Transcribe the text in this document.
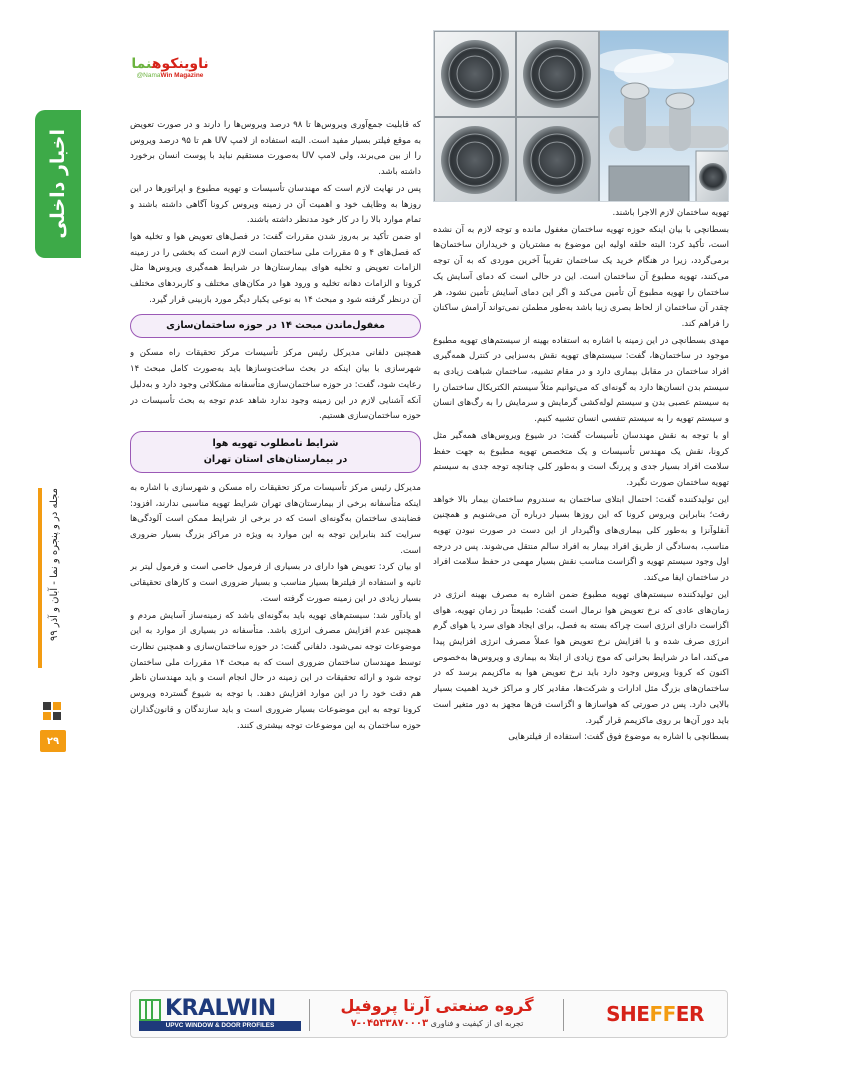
ناوینکوهنما
@NamaWin Magazine
اخبار داخلی
مجله در و پنجره و نما - آبان و آذر ۹۹
۲۹

تهویه ساختمان لازم الاجرا باشند.

بسطانچی با بیان اینکه حوزه تهویه ساختمان مغفول مانده و توجه لازم به آن نشده است، تأکید کرد: البته حلقه اولیه این موضوع به مشتریان و خریداران ساختمان‌ها برمی‌گردد، زیرا در هنگام خرید یک ساختمان تقریباً آخرین موردی که به آن توجه می‌کنند، تهویه مطبوع آن ساختمان است. این در حالی است که دمای آسایش یک ساختمان را تهویه مطبوع آن تأمین می‌کند و اگر این دمای آسایش تأمین نشود، هر چقدر آن ساختمان از لحاظ بصری زیبا باشد به‌طور مطمئن نمی‌تواند آرامش ساکنان را فراهم کند.

مهدی بسطانچی در این زمینه با اشاره به استفاده بهینه از سیستم‌های تهویه مطبوع موجود در ساختمان‌ها، گفت: سیستم‌های تهویه نقش به‌سزایی در کنترل همه‌گیری افراد ساختمان در مقابل بیماری دارد و در مقام تشبیه، ساختمان شباهت زیادی به سیستم بدن انسان‌ها دارد به گونه‌ای که می‌توانیم مثلاً سیستم الکتریکال ساختمان را به سیستم عصبی بدن و سیستم لوله‌کشی گرمایش و سرمایش را به رگ‌های انسان و سیستم تهویه را به سیستم تنفسی انسان تشبیه کنیم.

او با توجه به نقش مهندسان تأسیسات گفت: در شیوع ویروس‌های همه‌گیر مثل کرونا، نقش یک مهندس تأسیسات و یک متخصص تهویه مطبوع به جهت حفظ سلامت افراد بسیار جدی و پررنگ است و به‌طور کلی چنانچه توجه جدی به سیستم تهویه ساختمان صورت نگیرد.

این تولیدکننده گفت: احتمال ابتلای ساختمان به سندروم ساختمان بیمار بالا خواهد رفت؛ بنابراین ویروس کرونا که این روزها بسیار درباره آن می‌شنویم و همچنین آنفلوآنزا و به‌طور کلی بیماری‌های واگیردار از این دست در صورت نبودن تهویه مناسب، به‌سادگی از طریق افراد بیمار به افراد سالم منتقل می‌شوند. پس در درجه اول وجود سیستم تهویه و اگزاست مناسب نقش بسیار مهمی در حفظ سلامت افراد در ساختمان ایفا می‌کند.

این تولیدکننده سیستم‌های تهویه مطبوع ضمن اشاره به مصرف بهینه انرژی در زمان‌های عادی که نرخ تعویض هوا نرمال است گفت: طبیعتاً در زمان تهویه، هوای اگزاست دارای انرژی است چراکه بسته به فصل، برای ایجاد هوای سرد یا هوای گرم انرژی صرف شده و با افزایش نرخ تعویض هوا عملاً مصرف انرژی افزایش پیدا می‌کند، اما در شرایط بحرانی که موج زیادی از ابتلا به بیماری و ویروس‌ها به‌خصوص اکنون که کرونا ویروس وجود دارد باید نرخ تعویض هوا به ماکزیمم برسد که در ساختمان‌های بزرگ مثل ادارات و شرکت‌ها، مقادیر کار و مراکز خرید اهمیت بسیار بالایی دارد. پس در صورتی که هواسازها و اگزاست فن‌ها مجهز به دور متغیر است باید دور آن‌ها بر روی ماکزیمم قرار گیرد.

بسطانچی با اشاره به موضوع فوق گفت: استفاده از فیلترهایی

که قابلیت جمع‌آوری ویروس‌ها تا ۹۸ درصد ویروس‌ها را دارند و در صورت تعویض به موقع فیلتر بسیار مفید است. البته استفاده از لامپ UV هم تا ۹۵ درصد ویروس را از بین می‌برند، ولی لامپ UV به‌صورت مستقیم نباید با پوست انسان برخورد داشته باشد.

پس در نهایت لازم است که مهندسان تأسیسات و تهویه مطبوع و اپراتورها در این روزها به وظایف خود و اهمیت آن در زمینه ویروس کرونا آگاهی داشته باشند و تمام موارد بالا را در کار خود مدنظر داشته باشند.

او ضمن تأکید بر به‌روز شدن مقررات گفت: در فصل‌های تعویض هوا و تخلیه هوا که فصل‌های ۴ و ۵ مقررات ملی ساختمان است لازم است که بخشی را در زمینه الزامات تعویض و تخلیه هوای بیمارستان‌ها در شرایط همه‌گیری ویروس‌ها مثل کرونا و الزامات دهانه تخلیه و ورود هوا در مکان‌های مختلف و کاربردهای مختلف آن درنظر گرفته شود و مبحث ۱۴ به نوعی یکبار دیگر مورد بازبینی قرار گیرد.

مغفول‌ماندن مبحث ۱۴ در حوزه ساختمان‌سازی

همچنین دلفانی مدیرکل رئیس مرکز تأسیسات مرکز تحقیقات راه مسکن و شهرسازی با بیان اینکه در بحث ساخت‌وسازها باید به‌صورت کامل مبحث ۱۴ رعایت شود، گفت: در حوزه ساختمان‌سازی متأسفانه مشکلاتی وجود دارد و به‌دلیل آنکه آشنایی لازم در این زمینه وجود ندارد شاهد عدم توجه به بحث تأسیسات در حوزه ساختمان‌سازی هستیم.

شرایط نامطلوب تهویه هوا
در بیمارستان‌های استان تهران

مدیرکل رئیس مرکز تأسیسات مرکز تحقیقات راه مسکن و شهرسازی با اشاره به اینکه متأسفانه برخی از بیمارستان‌های تهران شرایط تهویه مناسبی ندارند، افزود: فضابندی ساختمان به‌گونه‌ای است که در برخی از شرایط ممکن است آلودگی‌ها سرایت کند بنابراین توجه به این موارد به ویژه در مراکز بزرگ بسیار ضروری است.

او بیان کرد: تعویض هوا دارای در بسیاری از فرمول خاصی است و فرمول لیتر بر ثانیه و استفاده از فیلترها بسیار مناسب و بسیار ضروری است و کارهای تحقیقاتی بسیار زیادی در این زمینه صورت گرفته است.

او یادآور شد: سیستم‌های تهویه باید به‌گونه‌ای باشد که زمینه‌ساز آسایش مردم و همچنین عدم افزایش مصرف انرژی باشد. متأسفانه در بسیاری از موارد به این موضوعات توجه نمی‌شود. دلفانی گفت: در حوزه ساختمان‌سازی و همچنین نظارت توسط مهندسان ساختمان ضروری است که به مبحث ۱۴ مقررات ملی ساختمان توجه شود و ارائه تحقیقات در این زمینه در حال انجام است و باید مهندسان ناظر هم دقت خود را در این موارد افزایش دهند. با توجه به شیوع گسترده ویروس کرونا توجه به این موضوعات بسیار ضروری است و باید سازندگان و قانون‌گذاران حوزه ساختمان به این موضوعات توجه بیشتری کنند.

KRALWIN
UPVC WINDOW & DOOR PROFILES
گروه صنعتی آرتا پروفیل
تجربه ای از کیفیت و فناوری ۰۴۵۳۳۸۷۰۰۰۳-۷	SHEFFER
